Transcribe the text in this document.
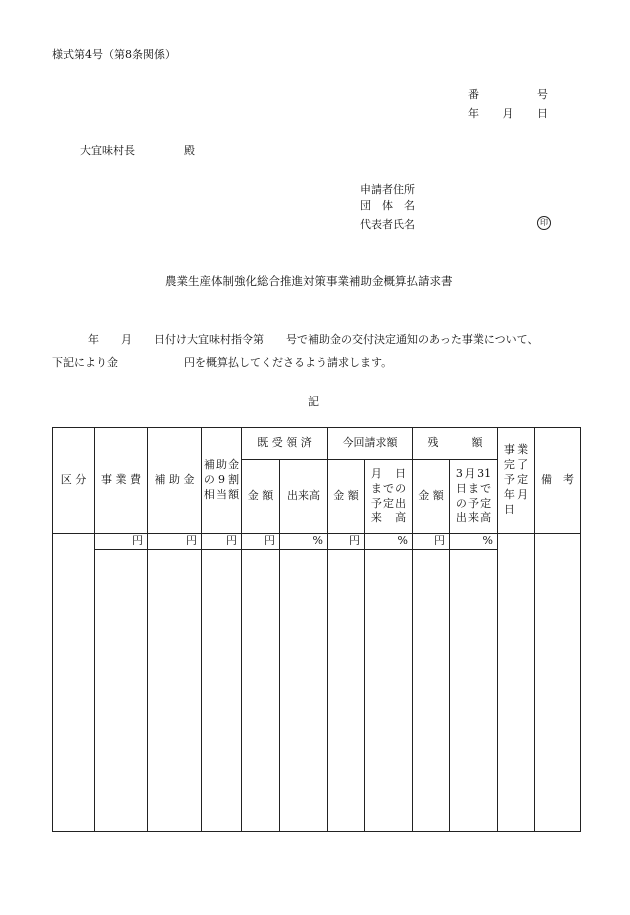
様式第4号（第8条関係）
番	号
年 月 日
大宜味村長	殿
申請者住所
団　体　名
代表者氏名	印
農業生産体制強化総合推進対策事業補助金概算払請求書
年　　月　　日付け大宜味村指令第　　号で補助金の交付決定通知のあった事業について、
下記により金　　　　　　円を概算払してくださるよう請求します。
記
区 分	事 業 費	補 助 金	補助金の9割相当額	既 受 領 済		今回請求額		残　　　額		事業完了予定年月日	備　考
				金 額	出来高	金 額	月　日までの予定出来高	金 額	3月31日までの予定出来高		
	円	円	円	円	%	円	%	円	%		
